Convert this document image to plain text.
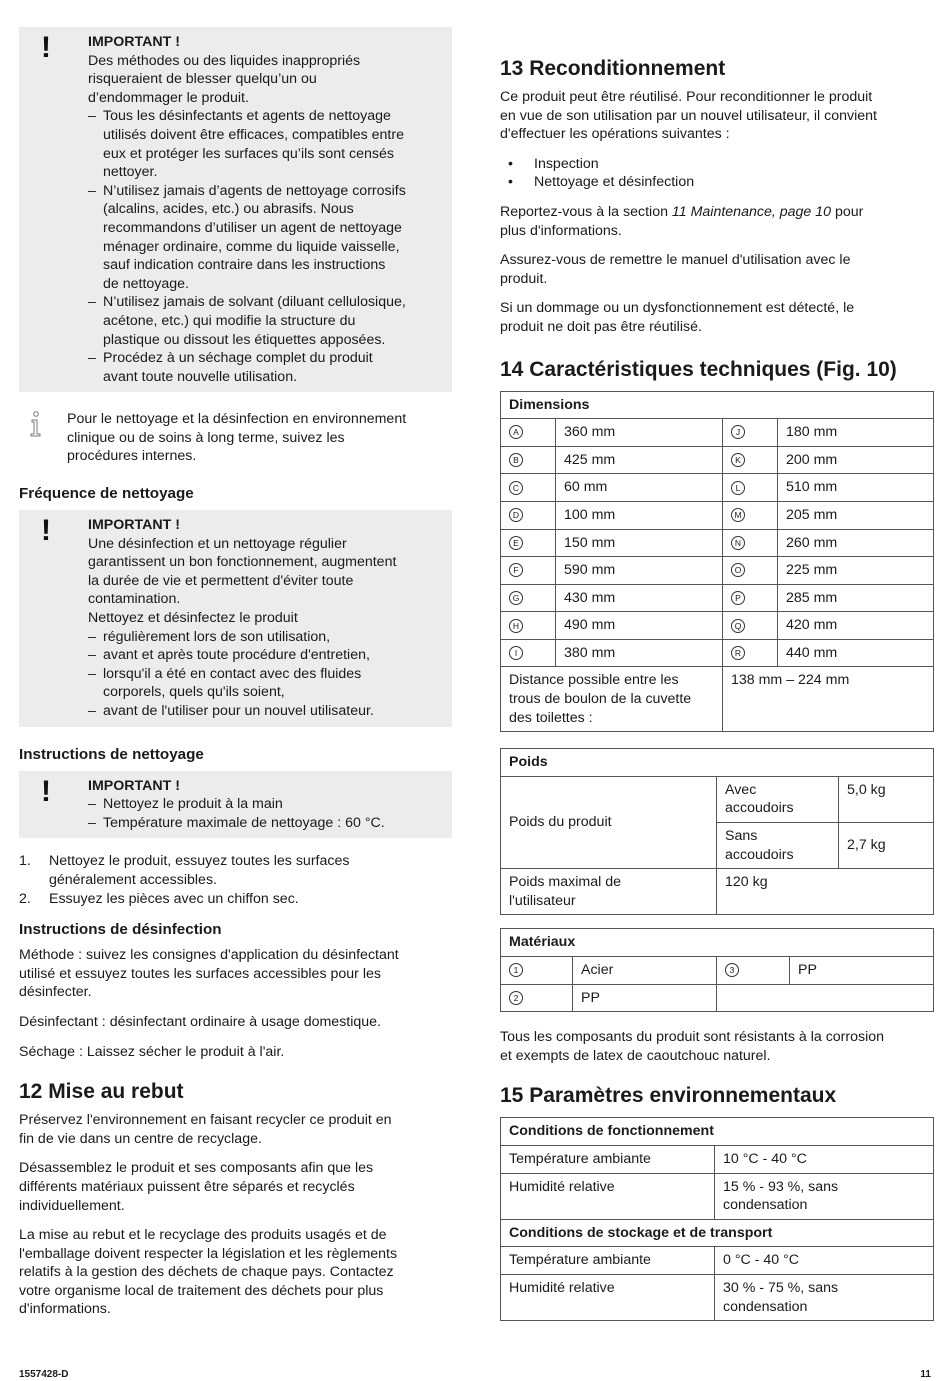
!	IMPORTANT !
Des méthodes ou des liquides inappropriés
risqueraient de blesser quelqu’un ou
d’endommager le produit.
– Tous les désinfectants et agents de nettoyage
utilisés doivent être efficaces, compatibles entre
eux et protéger les surfaces qu’ils sont censés
nettoyer.
– N’utilisez jamais d’agents de nettoyage corrosifs
(alcalins, acides, etc.) ou abrasifs. Nous
recommandons d’utiliser un agent de nettoyage
ménager ordinaire, comme du liquide vaisselle,
sauf indication contraire dans les instructions
de nettoyage.
– N’utilisez jamais de solvant (diluant cellulosique,
acétone, etc.) qui modifie la structure du
plastique ou dissout les étiquettes apposées.
– Procédez à un séchage complet du produit
avant toute nouvelle utilisation.
Pour le nettoyage et la désinfection en environnement
clinique ou de soins à long terme, suivez les
procédures internes.
Fréquence de nettoyage
!	IMPORTANT !
Une désinfection et un nettoyage régulier
garantissent un bon fonctionnement, augmentent
la durée de vie et permettent d'éviter toute
contamination.
Nettoyez et désinfectez le produit
– régulièrement lors de son utilisation,
– avant et après toute procédure d'entretien,
– lorsqu'il a été en contact avec des fluides
corporels, quels qu'ils soient,
– avant de l'utiliser pour un nouvel utilisateur.
Instructions de nettoyage
!	IMPORTANT !
– Nettoyez le produit à la main
– Température maximale de nettoyage : 60 °C.
1. Nettoyez le produit, essuyez toutes les surfaces
généralement accessibles.
2. Essuyez les pièces avec un chiffon sec.
Instructions de désinfection

Méthode : suivez les consignes d'application du désinfectant
utilisé et essuyez toutes les surfaces accessibles pour les
désinfecter.

Désinfectant : désinfectant ordinaire à usage domestique.

Séchage : Laissez sécher le produit à l'air.

12 Mise au rebut

Préservez l'environnement en faisant recycler ce produit en
fin de vie dans un centre de recyclage.

Désassemblez le produit et ses composants afin que les
différents matériaux puissent être séparés et recyclés
individuellement.

La mise au rebut et le recyclage des produits usagés et de
l'emballage doivent respecter la législation et les règlements
relatifs à la gestion des déchets de chaque pays. Contactez
votre organisme local de traitement des déchets pour plus
d'informations.

13 Reconditionnement

Ce produit peut être réutilisé. Pour reconditionner le produit
en vue de son utilisation par un nouvel utilisateur, il convient
d'effectuer les opérations suivantes :

• Inspection
• Nettoyage et désinfection

Reportez-vous à la section 11 Maintenance, page 10 pour
plus d'informations.

Assurez-vous de remettre le manuel d'utilisation avec le
produit.

Si un dommage ou un dysfonctionnement est détecté, le
produit ne doit pas être réutilisé.

14 Caractéristiques techniques (Fig. 10)
Dimensions			
A	360 mm	J	180 mm
B	425 mm	K	200 mm
C	60 mm	L	510 mm
D	100 mm	M	205 mm
E	150 mm	N	260 mm
F	590 mm	O	225 mm
G	430 mm	P	285 mm
H	490 mm	Q	420 mm
I	380 mm	R	440 mm

Distance possible entre les
trous de boulon de la cuvette
des toilettes :		138 mm – 224 mm	
Poids		
Poids du produit	Avec
accoudoirs	5,0 kg

	Sans
accoudoirs	2,7 kg

Poids maximal de
l'utilisateur	120 kg	
Matériaux			
1	Acier	3	PP
2	PP		

Tous les composants du produit sont résistants à la corrosion
et exempts de latex de caoutchouc naturel.

15 Paramètres environnementaux
Conditions de fonctionnement	
Température ambiante	10 °C - 40 °C
Humidité relative	15 % - 93 %, sans
condensation

Conditions de stockage et de transport	
Température ambiante	0 °C - 40 °C
Humidité relative	30 % - 75 %, sans
condensation
1557428-D	11
